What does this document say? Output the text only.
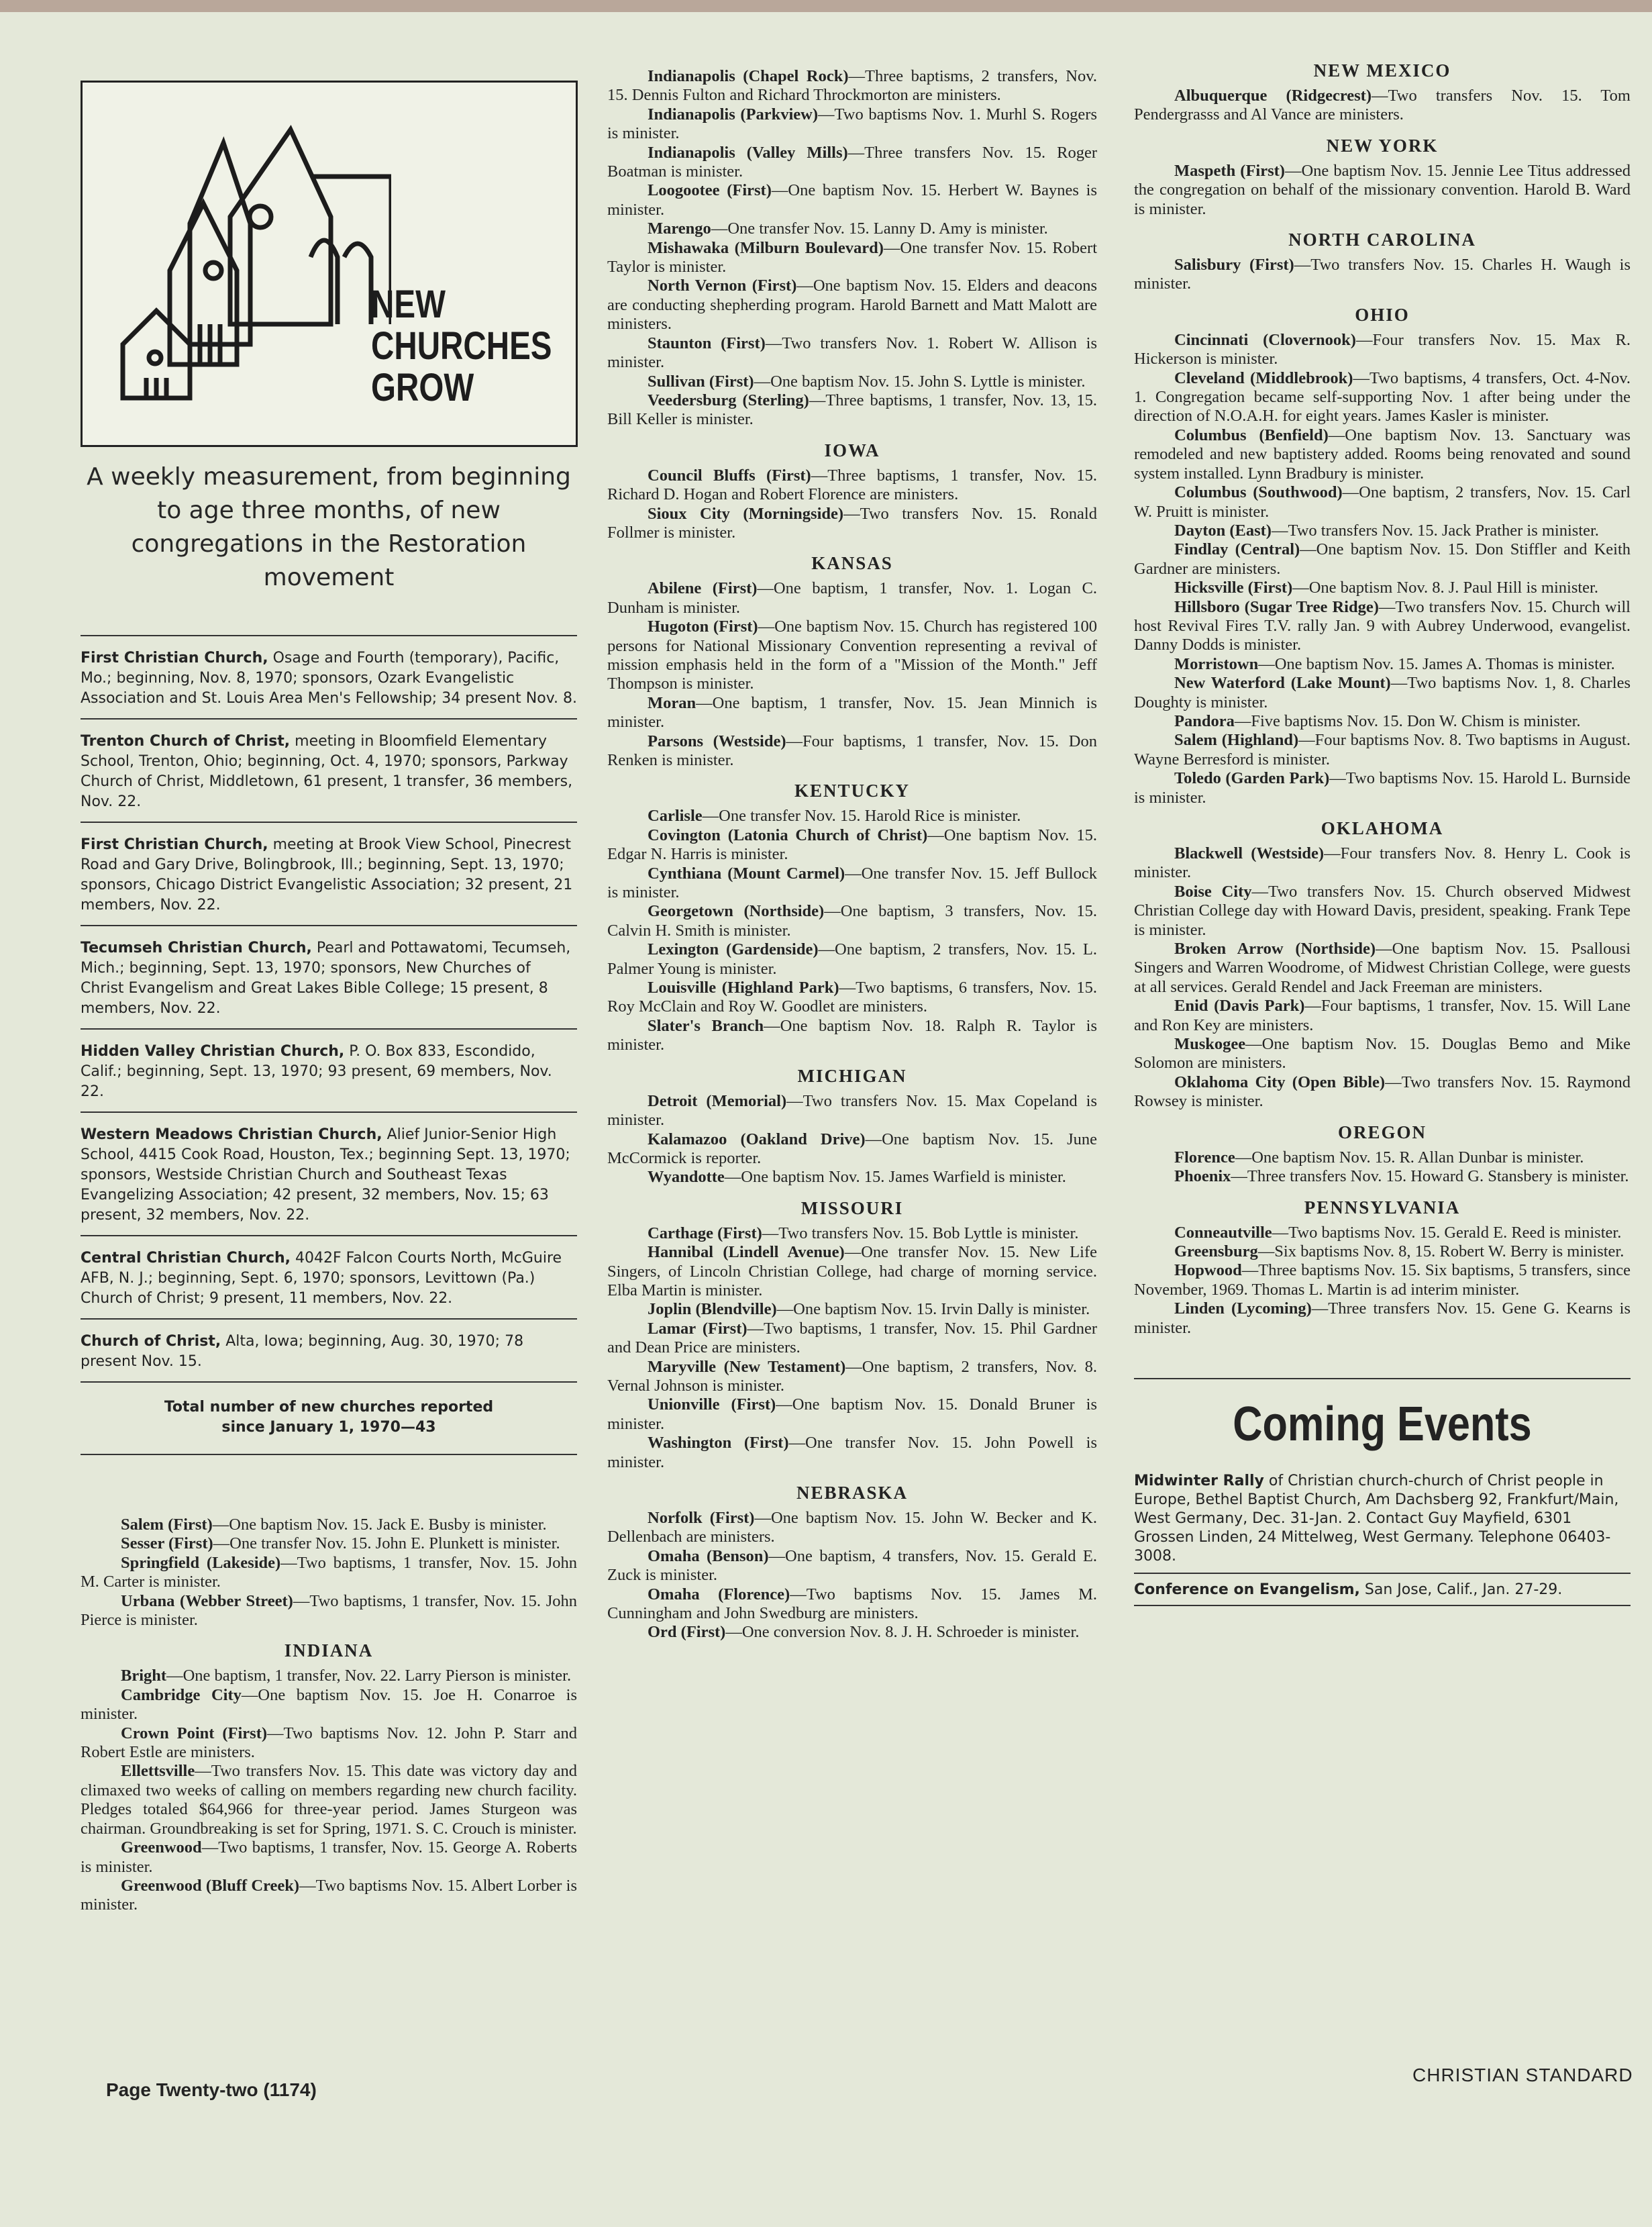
NEW
CHURCHES
GROW
A weekly measurement, from beginning to age three months, of new congregations in the Restoration movement
First Christian Church, Osage and Fourth (temporary), Pacific, Mo.; beginning, Nov. 8, 1970; sponsors, Ozark Evangelistic Association and St. Louis Area Men's Fellowship; 34 present Nov. 8.
Trenton Church of Christ, meeting in Bloomfield Elementary School, Trenton, Ohio; beginning, Oct. 4, 1970; sponsors, Parkway Church of Christ, Middletown, 61 present, 1 transfer, 36 members, Nov. 22.
First Christian Church, meeting at Brook View School, Pinecrest Road and Gary Drive, Bolingbrook, Ill.; beginning, Sept. 13, 1970; sponsors, Chicago District Evangelistic Association; 32 present, 21 members, Nov. 22.
Tecumseh Christian Church, Pearl and Pottawatomi, Tecumseh, Mich.; beginning, Sept. 13, 1970; sponsors, New Churches of Christ Evangelism and Great Lakes Bible College; 15 present, 8 members, Nov. 22.
Hidden Valley Christian Church, P. O. Box 833, Escondido, Calif.; beginning, Sept. 13, 1970; 93 present, 69 members, Nov. 22.
Western Meadows Christian Church, Alief Junior-Senior High School, 4415 Cook Road, Houston, Tex.; beginning Sept. 13, 1970; sponsors, Westside Christian Church and Southeast Texas Evangelizing Association; 42 present, 32 members, Nov. 15; 63 present, 32 members, Nov. 22.
Central Christian Church, 4042F Falcon Courts North, McGuire AFB, N. J.; beginning, Sept. 6, 1970; sponsors, Levittown (Pa.) Church of Christ; 9 present, 11 members, Nov. 22.
Church of Christ, Alta, Iowa; beginning, Aug. 30, 1970; 78 present Nov. 15.
Total number of new churches reported
since January 1, 1970—43

Salem (First)—One baptism Nov. 15. Jack E. Busby is minister.

Sesser (First)—One transfer Nov. 15. John E. Plunkett is minister.

Springfield (Lakeside)—Two baptisms, 1 transfer, Nov. 15. John M. Carter is minister.

Urbana (Webber Street)—Two baptisms, 1 transfer, Nov. 15. John Pierce is minister.

INDIANA

Bright—One baptism, 1 transfer, Nov. 22. Larry Pierson is minister.

Cambridge City—One baptism Nov. 15. Joe H. Conarroe is minister.

Crown Point (First)—Two baptisms Nov. 12. John P. Starr and Robert Estle are ministers.

Ellettsville—Two transfers Nov. 15. This date was victory day and climaxed two weeks of calling on members regarding new church facility. Pledges totaled $64,966 for three-year period. James Sturgeon was chairman. Groundbreaking is set for Spring, 1971. S. C. Crouch is minister.

Greenwood—Two baptisms, 1 transfer, Nov. 15. George A. Roberts is minister.

Greenwood (Bluff Creek)—Two baptisms Nov. 15. Albert Lorber is minister.

Indianapolis (Chapel Rock)—Three baptisms, 2 transfers, Nov. 15. Dennis Fulton and Richard Throckmorton are ministers.

Indianapolis (Parkview)—Two baptisms Nov. 1. Murhl S. Rogers is minister.

Indianapolis (Valley Mills)—Three transfers Nov. 15. Roger Boatman is minister.

Loogootee (First)—One baptism Nov. 15. Herbert W. Baynes is minister.

Marengo—One transfer Nov. 15. Lanny D. Amy is minister.

Mishawaka (Milburn Boulevard)—One transfer Nov. 15. Robert Taylor is minister.

North Vernon (First)—One baptism Nov. 15. Elders and deacons are conducting shepherding program. Harold Barnett and Matt Malott are ministers.

Staunton (First)—Two transfers Nov. 1. Robert W. Allison is minister.

Sullivan (First)—One baptism Nov. 15. John S. Lyttle is minister.

Veedersburg (Sterling)—Three baptisms, 1 transfer, Nov. 13, 15. Bill Keller is minister.

IOWA

Council Bluffs (First)—Three baptisms, 1 transfer, Nov. 15. Richard D. Hogan and Robert Florence are ministers.

Sioux City (Morningside)—Two transfers Nov. 15. Ronald Follmer is minister.

KANSAS

Abilene (First)—One baptism, 1 transfer, Nov. 1. Logan C. Dunham is minister.

Hugoton (First)—One baptism Nov. 15. Church has registered 100 persons for National Missionary Convention representing a revival of mission emphasis held in the form of a "Mission of the Month." Jeff Thompson is minister.

Moran—One baptism, 1 transfer, Nov. 15. Jean Minnich is minister.

Parsons (Westside)—Four baptisms, 1 transfer, Nov. 15. Don Renken is minister.

KENTUCKY

Carlisle—One transfer Nov. 15. Harold Rice is minister.

Covington (Latonia Church of Christ)—One baptism Nov. 15. Edgar N. Harris is minister.

Cynthiana (Mount Carmel)—One transfer Nov. 15. Jeff Bullock is minister.

Georgetown (Northside)—One baptism, 3 transfers, Nov. 15. Calvin H. Smith is minister.

Lexington (Gardenside)—One baptism, 2 transfers, Nov. 15. L. Palmer Young is minister.

Louisville (Highland Park)—Two baptisms, 6 transfers, Nov. 15. Roy McClain and Roy W. Goodlet are ministers.

Slater's Branch—One baptism Nov. 18. Ralph R. Taylor is minister.

MICHIGAN

Detroit (Memorial)—Two transfers Nov. 15. Max Copeland is minister.

Kalamazoo (Oakland Drive)—One baptism Nov. 15. June McCormick is reporter.

Wyandotte—One baptism Nov. 15. James Warfield is minister.

MISSOURI

Carthage (First)—Two transfers Nov. 15. Bob Lyttle is minister.

Hannibal (Lindell Avenue)—One transfer Nov. 15. New Life Singers, of Lincoln Christian College, had charge of morning service. Elba Martin is minister.

Joplin (Blendville)—One baptism Nov. 15. Irvin Dally is minister.

Lamar (First)—Two baptisms, 1 transfer, Nov. 15. Phil Gardner and Dean Price are ministers.

Maryville (New Testament)—One baptism, 2 transfers, Nov. 8. Vernal Johnson is minister.

Unionville (First)—One baptism Nov. 15. Donald Bruner is minister.

Washington (First)—One transfer Nov. 15. John Powell is minister.

NEBRASKA

Norfolk (First)—One baptism Nov. 15. John W. Becker and K. Dellenbach are ministers.

Omaha (Benson)—One baptism, 4 transfers, Nov. 15. Gerald E. Zuck is minister.

Omaha (Florence)—Two baptisms Nov. 15. James M. Cunningham and John Swedburg are ministers.

Ord (First)—One conversion Nov. 8. J. H. Schroeder is minister.

NEW MEXICO

Albuquerque (Ridgecrest)—Two transfers Nov. 15. Tom Pendergrasss and Al Vance are ministers.

NEW YORK

Maspeth (First)—One baptism Nov. 15. Jennie Lee Titus addressed the congregation on behalf of the missionary convention. Harold B. Ward is minister.

NORTH CAROLINA

Salisbury (First)—Two transfers Nov. 15. Charles H. Waugh is minister.

OHIO

Cincinnati (Clovernook)—Four transfers Nov. 15. Max R. Hickerson is minister.

Cleveland (Middlebrook)—Two baptisms, 4 transfers, Oct. 4-Nov. 1. Congregation became self-supporting Nov. 1 after being under the direction of N.O.A.H. for eight years. James Kasler is minister.

Columbus (Benfield)—One baptism Nov. 13. Sanctuary was remodeled and new baptistery added. Rooms being renovated and sound system installed. Lynn Bradbury is minister.

Columbus (Southwood)—One baptism, 2 transfers, Nov. 15. Carl W. Pruitt is minister.

Dayton (East)—Two transfers Nov. 15. Jack Prather is minister.

Findlay (Central)—One baptism Nov. 15. Don Stiffler and Keith Gardner are ministers.

Hicksville (First)—One baptism Nov. 8. J. Paul Hill is minister.

Hillsboro (Sugar Tree Ridge)—Two transfers Nov. 15. Church will host Revival Fires T.V. rally Jan. 9 with Aubrey Underwood, evangelist. Danny Dodds is minister.

Morristown—One baptism Nov. 15. James A. Thomas is minister.

New Waterford (Lake Mount)—Two baptisms Nov. 1, 8. Charles Doughty is minister.

Pandora—Five baptisms Nov. 15. Don W. Chism is minister.

Salem (Highland)—Four baptisms Nov. 8. Two baptisms in August. Wayne Berresford is minister.

Toledo (Garden Park)—Two baptisms Nov. 15. Harold L. Burnside is minister.

OKLAHOMA

Blackwell (Westside)—Four transfers Nov. 8. Henry L. Cook is minister.

Boise City—Two transfers Nov. 15. Church observed Midwest Christian College day with Howard Davis, president, speaking. Frank Tepe is minister.

Broken Arrow (Northside)—One baptism Nov. 15. Psallousi Singers and Warren Woodrome, of Midwest Christian College, were guests at all services. Gerald Rendel and Jack Freeman are ministers.

Enid (Davis Park)—Four baptisms, 1 transfer, Nov. 15. Will Lane and Ron Key are ministers.

Muskogee—One baptism Nov. 15. Douglas Bemo and Mike Solomon are ministers.

Oklahoma City (Open Bible)—Two transfers Nov. 15. Raymond Rowsey is minister.

OREGON

Florence—One baptism Nov. 15. R. Allan Dunbar is minister.

Phoenix—Three transfers Nov. 15. Howard G. Stansbery is minister.

PENNSYLVANIA

Conneautville—Two baptisms Nov. 15. Gerald E. Reed is minister.

Greensburg—Six baptisms Nov. 8, 15. Robert W. Berry is minister.

Hopwood—Three baptisms Nov. 15. Six baptisms, 5 transfers, since November, 1969. Thomas L. Martin is ad interim minister.

Linden (Lycoming)—Three transfers Nov. 15. Gene G. Kearns is minister.

Coming Events
Midwinter Rally of Christian church-church of Christ people in Europe, Bethel Baptist Church, Am Dachsberg 92, Frankfurt/Main, West Germany, Dec. 31-Jan. 2. Contact Guy Mayfield, 6301 Grossen Linden, 24 Mittelweg, West Germany. Telephone 06403-3008.
Conference on Evangelism, San Jose, Calif., Jan. 27-29.
Page Twenty-two (1174)
CHRISTIAN STANDARD
